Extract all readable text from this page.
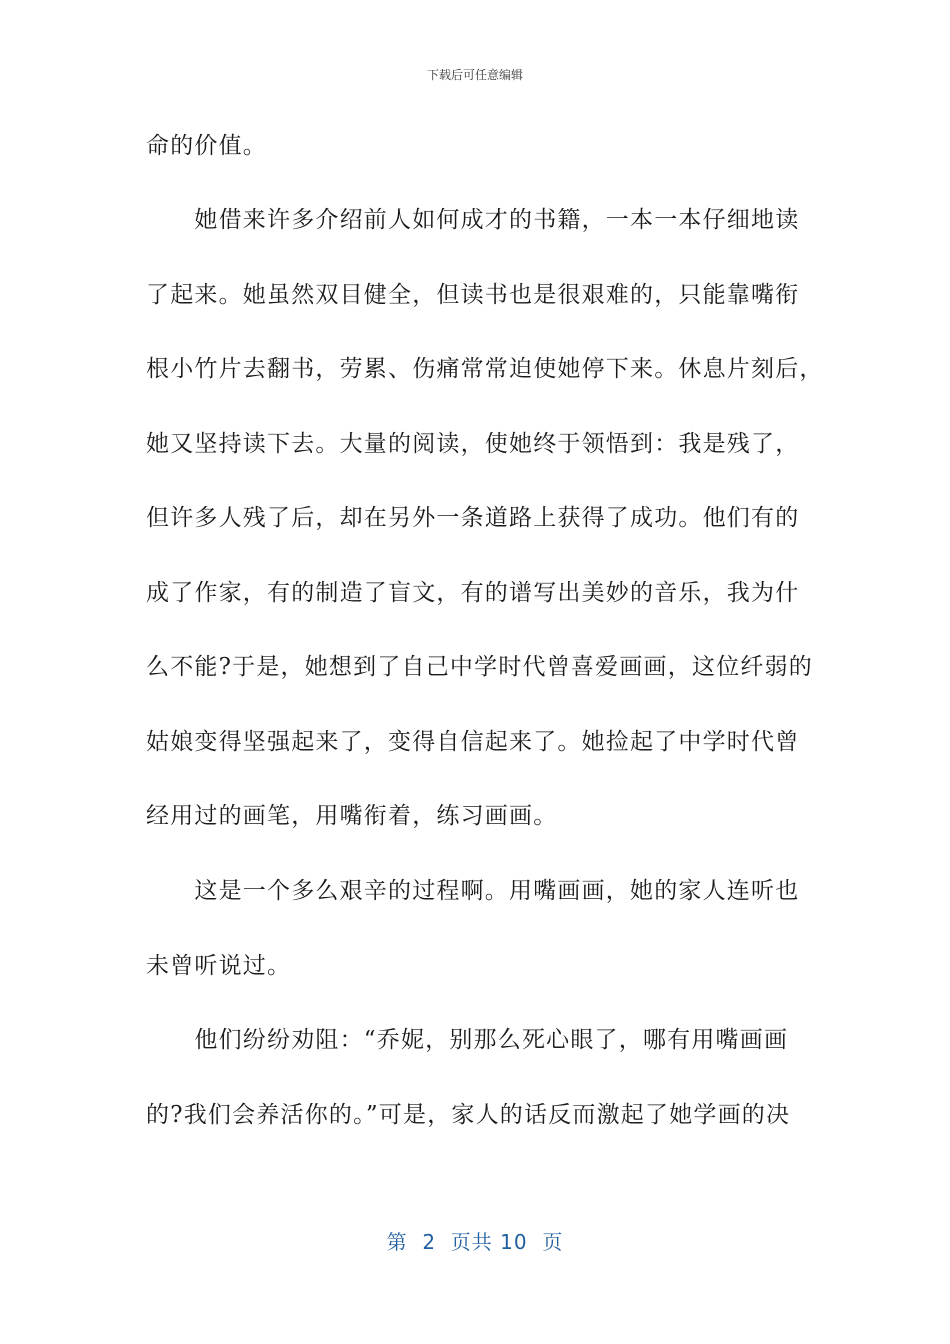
下载后可任意编辑
命的价值。
　　她借来许多介绍前人如何成才的书籍，一本一本仔细地读
了起来。她虽然双目健全，但读书也是很艰难的，只能靠嘴衔
根小竹片去翻书，劳累、伤痛常常迫使她停下来。休息片刻后，
她又坚持读下去。大量的阅读，使她终于领悟到：我是残了，
但许多人残了后，却在另外一条道路上获得了成功。他们有的
成了作家，有的制造了盲文，有的谱写出美妙的音乐，我为什
么不能?于是，她想到了自己中学时代曾喜爱画画，这位纤弱的
姑娘变得坚强起来了，变得自信起来了。她捡起了中学时代曾
经用过的画笔，用嘴衔着，练习画画。
　　这是一个多么艰辛的过程啊。用嘴画画，她的家人连听也
未曾听说过。
　　他们纷纷劝阻：“乔妮，别那么死心眼了，哪有用嘴画画
的?我们会养活你的。”可是，家人的话反而激起了她学画的决
第  2  页共 10  页
